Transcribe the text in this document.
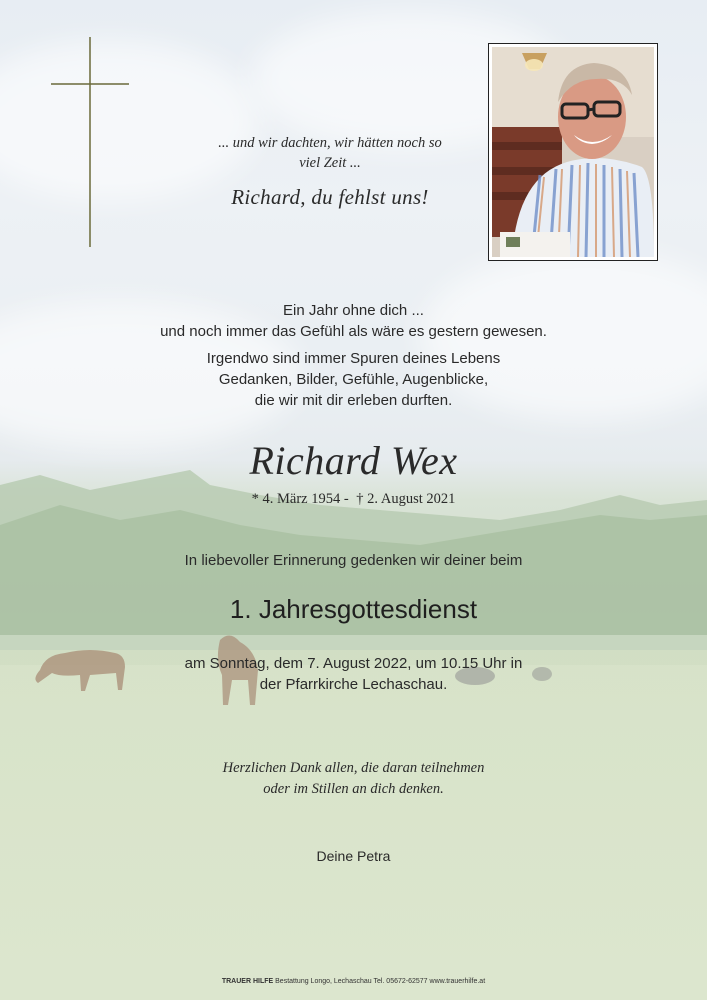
... und wir dachten, wir hätten noch so
viel Zeit ...
Richard, du fehlst uns!
Ein Jahr ohne dich ...
und noch immer das Gefühl als wäre es gestern gewesen.
Irgendwo sind immer Spuren deines Lebens
Gedanken, Bilder, Gefühle, Augenblicke,
die wir mit dir erleben durften.
Richard Wex
* 4. März 1954 - † 2. August 2021
In liebevoller Erinnerung gedenken wir deiner beim
1. Jahresgottesdienst
am Sonntag, dem 7. August 2022, um 10.15 Uhr in
der Pfarrkirche Lechaschau.
Herzlichen Dank allen, die daran teilnehmen
oder im Stillen an dich denken.
Deine Petra
TRAUER HILFE Bestattung Longo, Lechaschau Tel. 05672-62577 www.trauerhilfe.at
